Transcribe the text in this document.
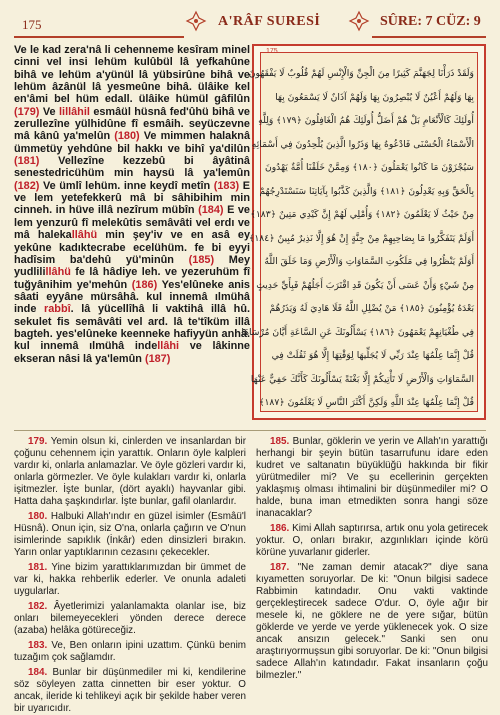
175	A'RÂF SURESİ	SÛRE: 7 CÜZ: 9

Ve le kad zera'nâ li cehenneme kesîram minel cinni vel insi lehüm kulûbül lâ yefkahûne bihâ ve lehüm a'yünül lâ yübsirûne bihâ ve lehüm âzânül lâ yesmeûne bihâ. ülâike kel en'âmi bel hüm edall. ülâike hümül gâfilûn (179) Ve lillâhil esmâül hüsnâ fed'ûhü bihâ ve zerullezîne yülhidûne fî esmâih. seyüczevne mâ kânû ya'melûn (180) Ve mimmen halaknâ ümmetüy yehdûne bil hakkı ve bihî ya'dilûn (181) Vellezîne kezzebû bi âyâtinâ senestedricühüm min haysü lâ ya'lemûn (182) Ve ümlî lehüm. inne keydî metîn (183) E ve lem yetefekkerû mâ bi sâhibihim min cinneh. in hüve illâ nezîrum mübîn (184) E ve lem yenzurû fî melekûtis semâvâti vel erdı ve mâ halekallâhü min şey'iv ve en asâ ey yekûne kadıktecrabe ecelühüm. fe bi eyyi hadîsim ba'dehû yü'minûn (185) Mey yudlilillâhü fe lâ hâdiye leh. ve yezeruhüm fî tuğyânihim ye'mehûn (186) Yes'elûneke anis sâati eyyâne mürsâhâ. kul innemâ ılmühâ inde rabbî. lâ yücellîhâ li vaktihâ illâ hû. sekulet fis semâvâti vel ard. lâ te'tîküm illâ bagteh. yes'elûneke keenneke hafiyyün anhâ. kul innemâ ılmühâ indellâhi ve lâkinne ekseran nâsi lâ ya'lemûn (187)

175
وَلَقَدْ ذَرَأْنَا لِجَهَنَّمَ كَثِيرًا مِنَ الْجِنِّ وَالْإِنْسِ لَهُمْ قُلُوبٌ لَا يَفْقَهُونَ
بِهَا وَلَهُمْ أَعْيُنٌ لَا يُبْصِرُونَ بِهَا وَلَهُمْ آذَانٌ لَا يَسْمَعُونَ بِهَا
أُولَئِكَ كَالْأَنْعَامِ بَلْ هُمْ أَضَلُّ أُولَئِكَ هُمُ الْغَافِلُونَ ﴿١٧٩﴾ وَلِلَّهِ
الْأَسْمَاءُ الْحُسْنَى فَادْعُوهُ بِهَا وَذَرُوا الَّذِينَ يُلْحِدُونَ فِي أَسْمَائِهِ
سَيُجْزَوْنَ مَا كَانُوا يَعْمَلُونَ ﴿١٨٠﴾ وَمِمَّنْ خَلَقْنَا أُمَّةٌ يَهْدُونَ
بِالْحَقِّ وَبِهِ يَعْدِلُونَ ﴿١٨١﴾ وَالَّذِينَ كَذَّبُوا بِآيَاتِنَا سَنَسْتَدْرِجُهُمْ
مِنْ حَيْثُ لَا يَعْلَمُونَ ﴿١٨٢﴾ وَأُمْلِي لَهُمْ إِنَّ كَيْدِي مَتِينٌ ﴿١٨٣﴾
أَوَلَمْ يَتَفَكَّرُوا مَا بِصَاحِبِهِمْ مِنْ جِنَّةٍ إِنْ هُوَ إِلَّا نَذِيرٌ مُبِينٌ ﴿١٨٤﴾
أَوَلَمْ يَنْظُرُوا فِي مَلَكُوتِ السَّمَاوَاتِ وَالْأَرْضِ وَمَا خَلَقَ اللَّهُ
مِنْ شَيْءٍ وَأَنْ عَسَى أَنْ يَكُونَ قَدِ اقْتَرَبَ أَجَلُهُمْ فَبِأَيِّ حَدِيثٍ
بَعْدَهُ يُؤْمِنُونَ ﴿١٨٥﴾ مَنْ يُضْلِلِ اللَّهُ فَلَا هَادِيَ لَهُ وَيَذَرُهُمْ
فِي طُغْيَانِهِمْ يَعْمَهُونَ ﴿١٨٦﴾ يَسْأَلُونَكَ عَنِ السَّاعَةِ أَيَّانَ مُرْسَاهَا
قُلْ إِنَّمَا عِلْمُهَا عِنْدَ رَبِّي لَا يُجَلِّيهَا لِوَقْتِهَا إِلَّا هُوَ ثَقُلَتْ فِي
السَّمَاوَاتِ وَالْأَرْضِ لَا تَأْتِيكُمْ إِلَّا بَغْتَةً يَسْأَلُونَكَ كَأَنَّكَ حَفِيٌّ عَنْهَا
قُلْ إِنَّمَا عِلْمُهَا عِنْدَ اللَّهِ وَلَكِنَّ أَكْثَرَ النَّاسِ لَا يَعْلَمُونَ ﴿١٨٧﴾

179. Yemin olsun ki, cinlerden ve insanlardan bir çoğunu cehennem için yarattık. Onların öyle kalpleri vardır ki, onlarla anlamazlar. Ve öyle gözleri vardır ki, onlarla görmezler. Ve öyle kulakları vardır ki, onlarla işitmezler. İşte bunlar, (dört ayaklı) hayvanlar gibi. Hatta daha şaşkındırlar. İşte bunlar, gafil olanlardır.

180. Halbuki Allah'ındır en güzel isimler (Esmâü'l Hüsnâ). Onun için, siz O'na, onlarla çağırın ve O'nun isimlerinde sapıklık (İnkâr) eden dinsizleri bırakın. Yarın onlar yaptıklarının cezasını çekecekler.

181. Yine bizim yarattıklarımızdan bir ümmet de var ki, hakka rehberlik ederler. Ve onunla adaleti uygularlar.

182. Âyetlerimizi yalanlamakta olanlar ise, biz onları bilemeyecekleri yönden derece derece (azaba) helâka götüreceğiz.

183. Ve, Ben onların ipini uzattım. Çünkü benim tuzağım çok sağlamdır.

184. Bunlar bir düşünmediler mi ki, kendilerine söz söyleyen zatta cinnetten bir eser yoktur. O ancak, ileride ki tehlikeyi açık bir şekilde haber veren bir uyarıcıdır.

185. Bunlar, göklerin ve yerin ve Allah'ın yarattığı herhangi bir şeyin bütün tasarrufunu idare eden kudret ve saltanatın büyüklüğü hakkında bir fikir yürütmediler mi? Ve şu ecellerinin gerçekten yaklaşmış olması ihtimalini bir düşünmediler mi? O halde, buna iman etmedikten sonra hangi söze inanacaklar?

186. Kimi Allah saptırırsa, artık onu yola getirecek yoktur. O, onları bırakır, azgınlıkları içinde körü körüne yuvarlanır giderler.

187. "Ne zaman demir atacak?" diye sana kıyametten soruyorlar. De ki: "Onun bilgisi sadece Rabbimin katındadır. Onu vakti vaktinde gerçekleştirecek sadece O'dur. O, öyle ağır bir mesele ki, ne göklere ne de yere sığar, bütün göklerde ve yerde ve yerde yüklenecek yok. O size ancak ansızın gelecek." Sanki sen onu araştırıyormuşsun gibi soruyorlar. De ki: "Onun bilgisi sadece Allah'ın katındadır. Fakat insanların çoğu bilmezler."
